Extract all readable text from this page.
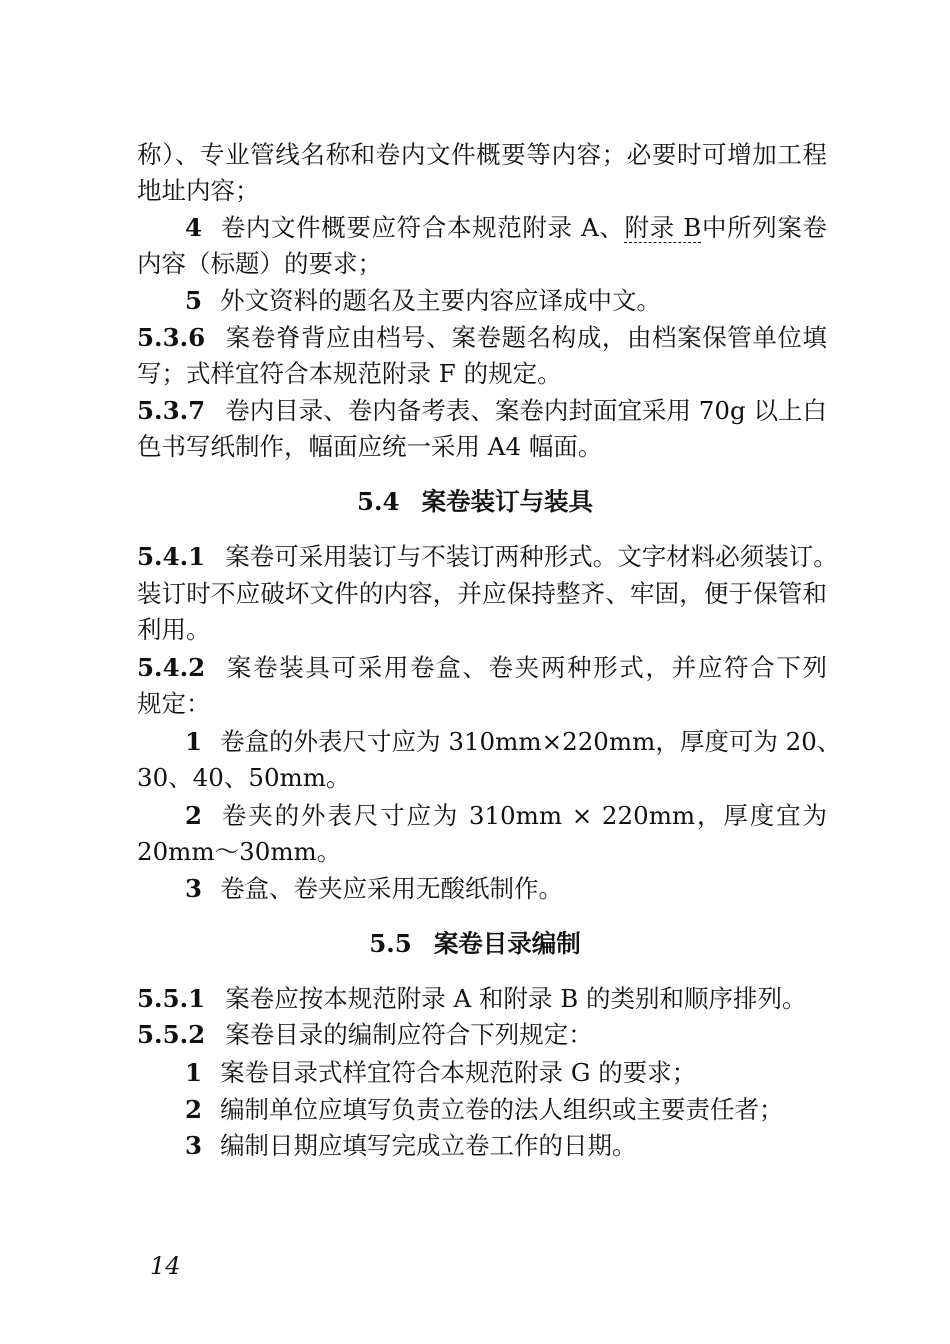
称）、专业管线名称和卷内文件概要等内容；必要时可增加工程
地址内容；
4 卷内文件概要应符合本规范附录 A、附录 B中所列案卷
内容（标题）的要求；
5 外文资料的题名及主要内容应译成中文。
5.3.6 案卷脊背应由档号、案卷题名构成，由档案保管单位填
写；式样宜符合本规范附录 F 的规定。
5.3.7 卷内目录、卷内备考表、案卷内封面宜采用 70g 以上白
色书写纸制作，幅面应统一采用 A4 幅面。
5.4 案卷装订与装具
5.4.1 案卷可采用装订与不装订两种形式。文字材料必须装订。
装订时不应破坏文件的内容，并应保持整齐、牢固，便于保管和
利用。
5.4.2 案卷装具可采用卷盒、卷夹两种形式，并应符合下列
规定：
1 卷盒的外表尺寸应为 310mm×220mm，厚度可为 20、
30、40、50mm。
2 卷夹的外表尺寸应为 310mm × 220mm，厚度宜为
20mm～30mm。
3 卷盒、卷夹应采用无酸纸制作。
5.5 案卷目录编制
5.5.1 案卷应按本规范附录 A 和附录 B 的类别和顺序排列。
5.5.2 案卷目录的编制应符合下列规定：
1 案卷目录式样宜符合本规范附录 G 的要求；
2 编制单位应填写负责立卷的法人组织或主要责任者；
3 编制日期应填写完成立卷工作的日期。
14
